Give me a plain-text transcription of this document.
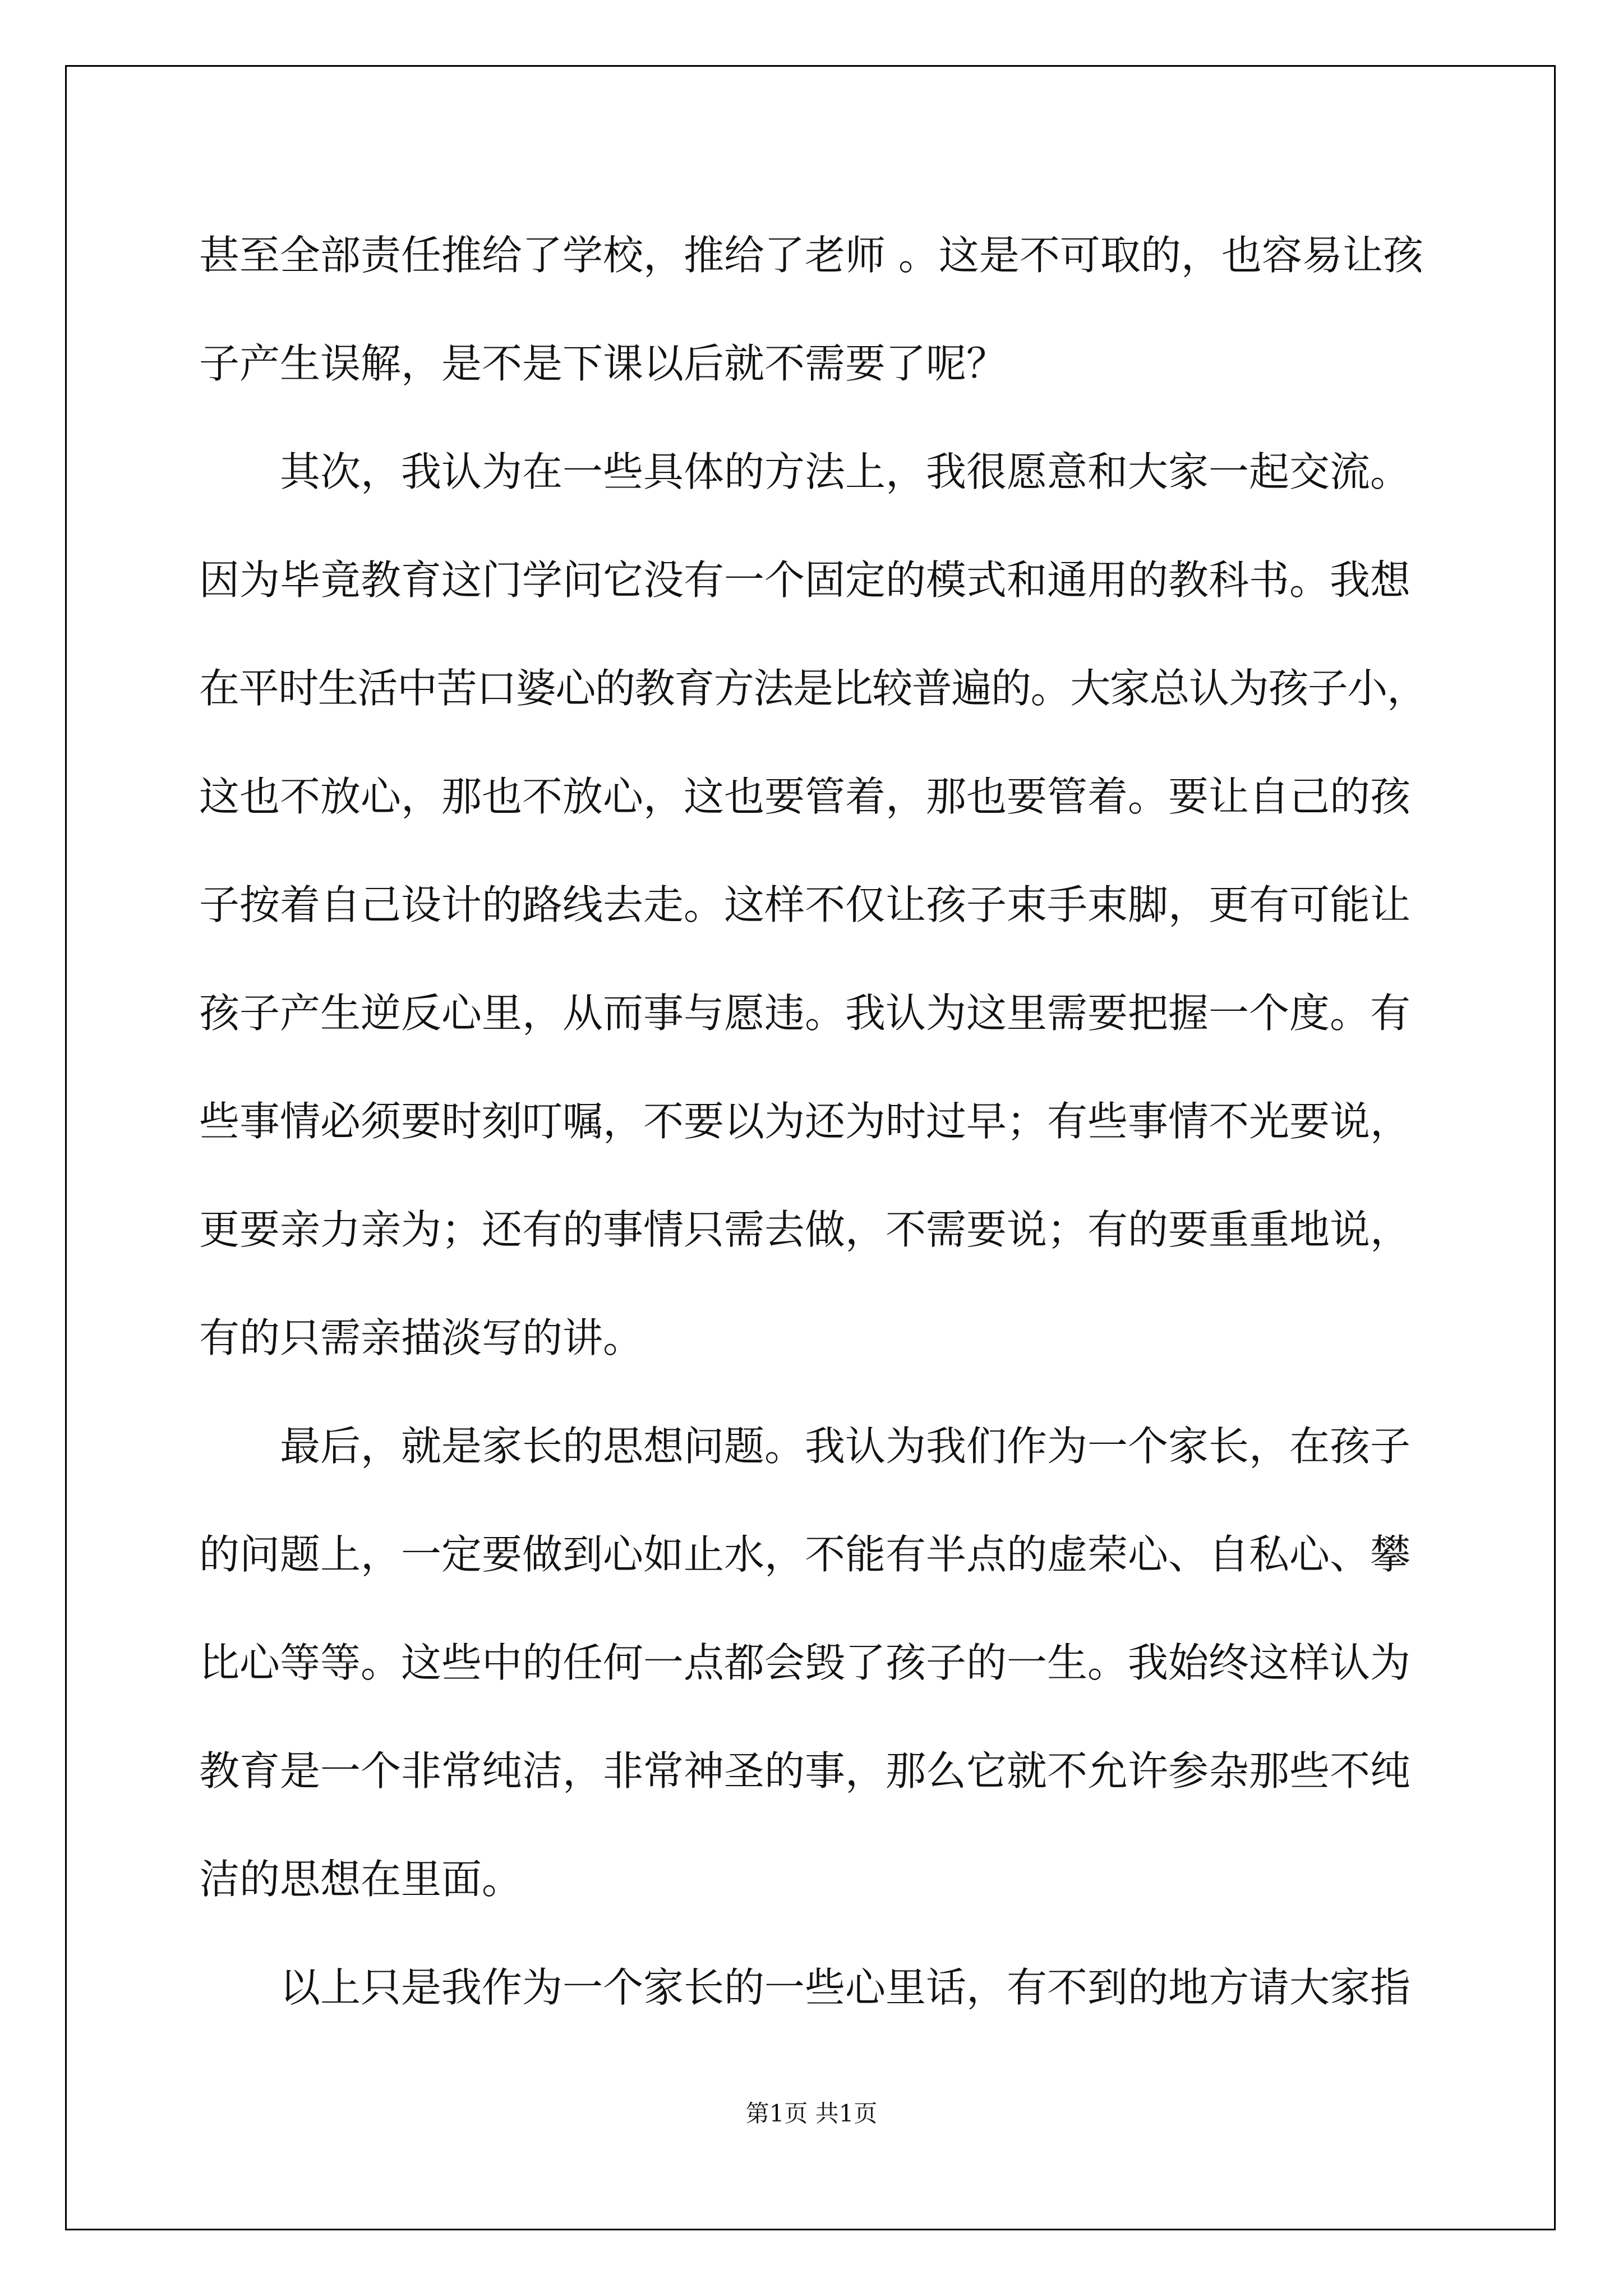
甚至全部责任推给了学校，推给了老师 。这是不可取的，也容易让孩
子产生误解，是不是下课以后就不需要了呢？
其次，我认为在一些具体的方法上，我很愿意和大家一起交流。
因为毕竟教育这门学问它没有一个固定的模式和通用的教科书。我想
在平时生活中苦口婆心的教育方法是比较普遍的。大家总认为孩子小，
这也不放心，那也不放心，这也要管着，那也要管着。要让自己的孩
子按着自己设计的路线去走。这样不仅让孩子束手束脚，更有可能让
孩子产生逆反心里，从而事与愿违。我认为这里需要把握一个度。有
些事情必须要时刻叮嘱，不要以为还为时过早；有些事情不光要说，
更要亲力亲为；还有的事情只需去做，不需要说；有的要重重地说，
有的只需亲描淡写的讲。
最后，就是家长的思想问题。我认为我们作为一个家长，在孩子
的问题上，一定要做到心如止水，不能有半点的虚荣心、自私心、攀
比心等等。这些中的任何一点都会毁了孩子的一生。我始终这样认为
教育是一个非常纯洁，非常神圣的事，那么它就不允许参杂那些不纯
洁的思想在里面。
以上只是我作为一个家长的一些心里话，有不到的地方请大家指
第1页 共1页
